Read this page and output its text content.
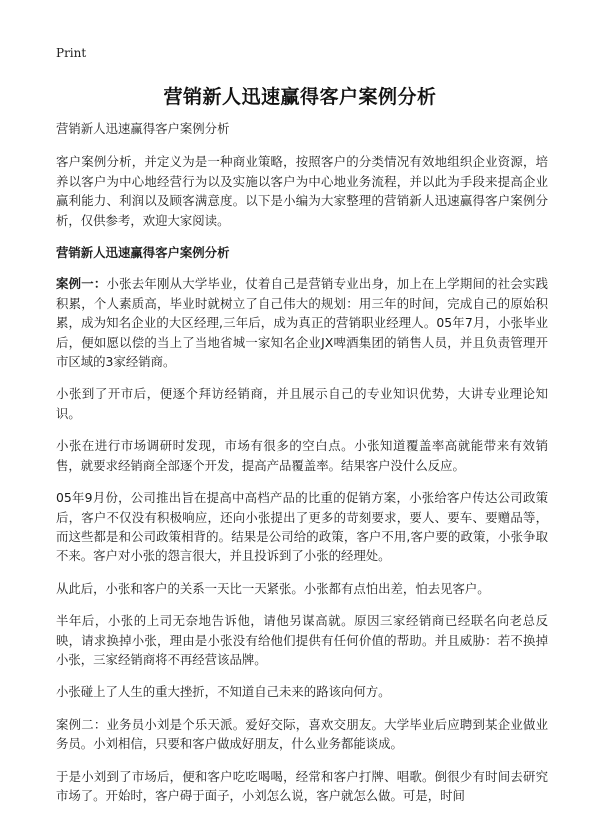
Print
营销新人迅速赢得客户案例分析

营销新人迅速赢得客户案例分析

客户案例分析，并定义为是一种商业策略，按照客户的分类情况有效地组织企业资源，培养以客户为中心地经营行为以及实施以客户为中心地业务流程，并以此为手段来提高企业赢利能力、利润以及顾客满意度。以下是小编为大家整理的营销新人迅速赢得客户案例分析，仅供参考，欢迎大家阅读。

营销新人迅速赢得客户案例分析

案例一：小张去年刚从大学毕业，仗着自己是营销专业出身，加上在上学期间的社会实践积累，个人素质高，毕业时就树立了自己伟大的规划：用三年的时间，完成自己的原始积累，成为知名企业的大区经理,三年后，成为真正的营销职业经理人。05年7月，小张毕业后，便如愿以偿的当上了当地省城一家知名企业JX啤酒集团的销售人员，并且负责管理开市区域的3家经销商。

小张到了开市后，便逐个拜访经销商，并且展示自己的专业知识优势，大讲专业理论知识。

小张在进行市场调研时发现，市场有很多的空白点。小张知道覆盖率高就能带来有效销售，就要求经销商全部逐个开发，提高产品覆盖率。结果客户没什么反应。

05年9月份，公司推出旨在提高中高档产品的比重的促销方案，小张给客户传达公司政策后，客户不仅没有积极响应，还向小张提出了更多的苛刻要求，要人、要车、要赠品等，而这些都是和公司政策相背的。结果是公司给的政策，客户不用,客户要的政策，小张争取不来。客户对小张的怨言很大，并且投诉到了小张的经理处。

从此后，小张和客户的关系一天比一天紧张。小张都有点怕出差，怕去见客户。

半年后，小张的上司无奈地告诉他，请他另谋高就。原因三家经销商已经联名向老总反映，请求换掉小张，理由是小张没有给他们提供有任何价值的帮助。并且威胁：若不换掉小张，三家经销商将不再经营该品牌。

小张碰上了人生的重大挫折，不知道自己未来的路该向何方。

案例二：业务员小刘是个乐天派。爱好交际，喜欢交朋友。大学毕业后应聘到某企业做业务员。小刘相信，只要和客户做成好朋友，什么业务都能谈成。

于是小刘到了市场后，便和客户吃吃喝喝，经常和客户打牌、唱歌。倒很少有时间去研究市场了。开始时，客户碍于面子，小刘怎么说，客户就怎么做。可是，时间
